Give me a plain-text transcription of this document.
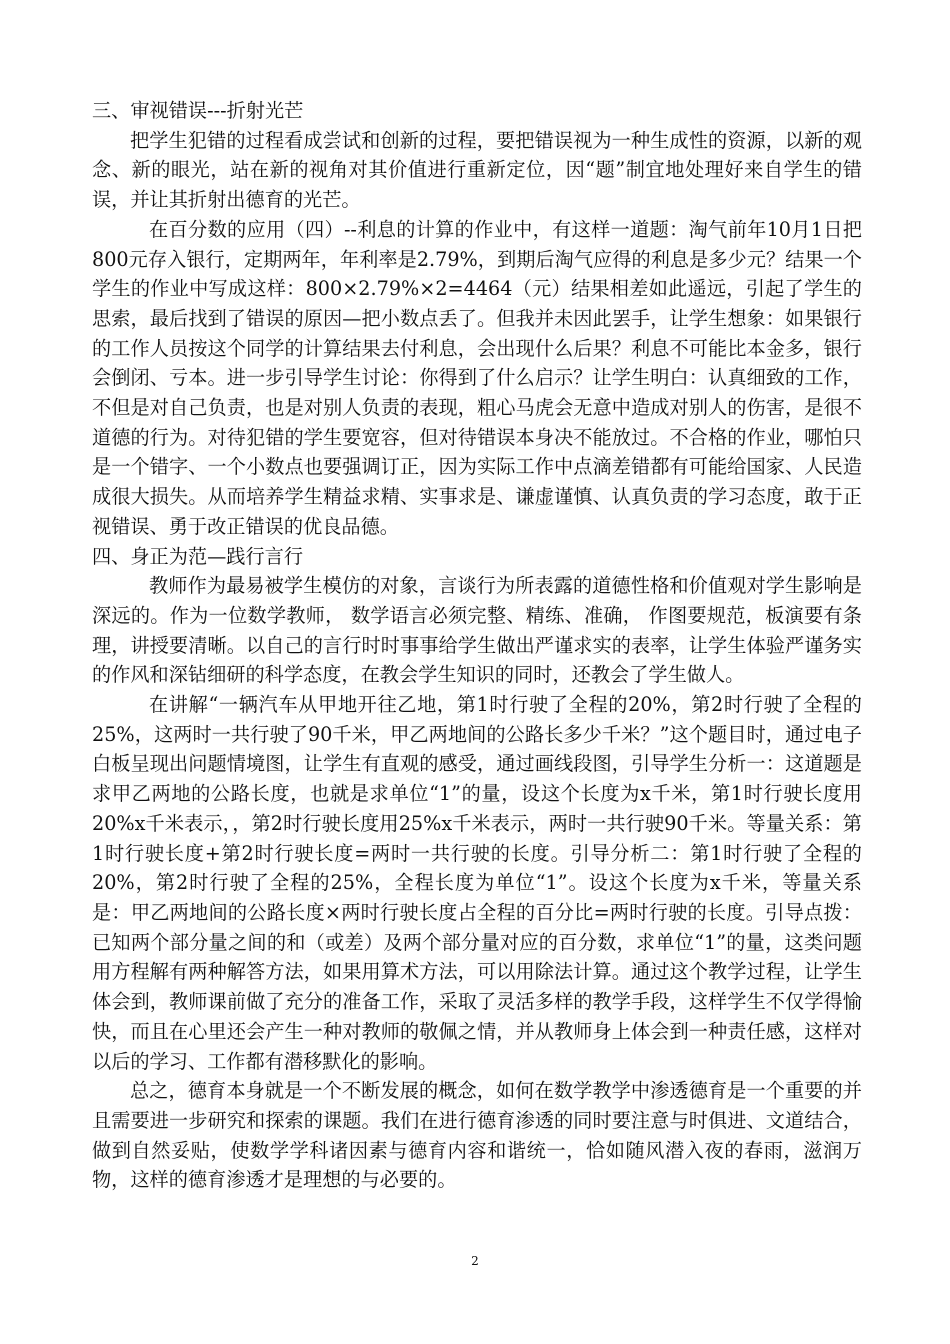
三、审视错误---折射光芒
把学生犯错的过程看成尝试和创新的过程，要把错误视为一种生成性的资源，以新的观念、新的眼光，站在新的视角对其价值进行重新定位，因“题”制宜地处理好来自学生的错误，并让其折射出德育的光芒。
在百分数的应用（四）--利息的计算的作业中，有这样一道题：淘气前年10月1日把800元存入银行，定期两年，年利率是2.79%，到期后淘气应得的利息是多少元？结果一个学生的作业中写成这样：800×2.79%×2=4464（元）结果相差如此遥远，引起了学生的思索，最后找到了错误的原因—把小数点丢了。但我并未因此罢手，让学生想象：如果银行的工作人员按这个同学的计算结果去付利息，会出现什么后果？利息不可能比本金多，银行会倒闭、亏本。进一步引导学生讨论：你得到了什么启示？让学生明白：认真细致的工作，不但是对自己负责，也是对别人负责的表现，粗心马虎会无意中造成对别人的伤害，是很不道德的行为。对待犯错的学生要宽容，但对待错误本身决不能放过。不合格的作业，哪怕只是一个错字、一个小数点也要强调订正，因为实际工作中点滴差错都有可能给国家、人民造成很大损失。从而培养学生精益求精、实事求是、谦虚谨慎、认真负责的学习态度，敢于正视错误、勇于改正错误的优良品德。
四、身正为范—践行言行
教师作为最易被学生模仿的对象，言谈行为所表露的道德性格和价值观对学生影响是深远的。作为一位数学教师， 数学语言必须完整、精练、准确， 作图要规范，板演要有条理，讲授要清晰。以自己的言行时时事事给学生做出严谨求实的表率，让学生体验严谨务实的作风和深钻细研的科学态度，在教会学生知识的同时，还教会了学生做人。
在讲解“一辆汽车从甲地开往乙地，第1时行驶了全程的20%，第2时行驶了全程的25%，这两时一共行驶了90千米，甲乙两地间的公路长多少千米？”这个题目时，通过电子白板呈现出问题情境图，让学生有直观的感受，通过画线段图，引导学生分析一：这道题是求甲乙两地的公路长度，也就是求单位“1”的量，设这个长度为x千米，第1时行驶长度用20%x千米表示，，第2时行驶长度用25%x千米表示，两时一共行驶90千米。等量关系：第1时行驶长度+第2时行驶长度=两时一共行驶的长度。引导分析二：第1时行驶了全程的20%，第2时行驶了全程的25%，全程长度为单位“1”。设这个长度为x千米，等量关系是：甲乙两地间的公路长度×两时行驶长度占全程的百分比=两时行驶的长度。引导点拨：已知两个部分量之间的和（或差）及两个部分量对应的百分数，求单位“1”的量，这类问题用方程解有两种解答方法，如果用算术方法，可以用除法计算。通过这个教学过程，让学生体会到，教师课前做了充分的准备工作，采取了灵活多样的教学手段，这样学生不仅学得愉快，而且在心里还会产生一种对教师的敬佩之情，并从教师身上体会到一种责任感，这样对以后的学习、工作都有潜移默化的影响。
总之，德育本身就是一个不断发展的概念，如何在数学教学中渗透德育是一个重要的并且需要进一步研究和探索的课题。我们在进行德育渗透的同时要注意与时俱进、文道结合，做到自然妥贴，使数学学科诸因素与德育内容和谐统一，恰如随风潜入夜的春雨，滋润万物，这样的德育渗透才是理想的与必要的。
2
